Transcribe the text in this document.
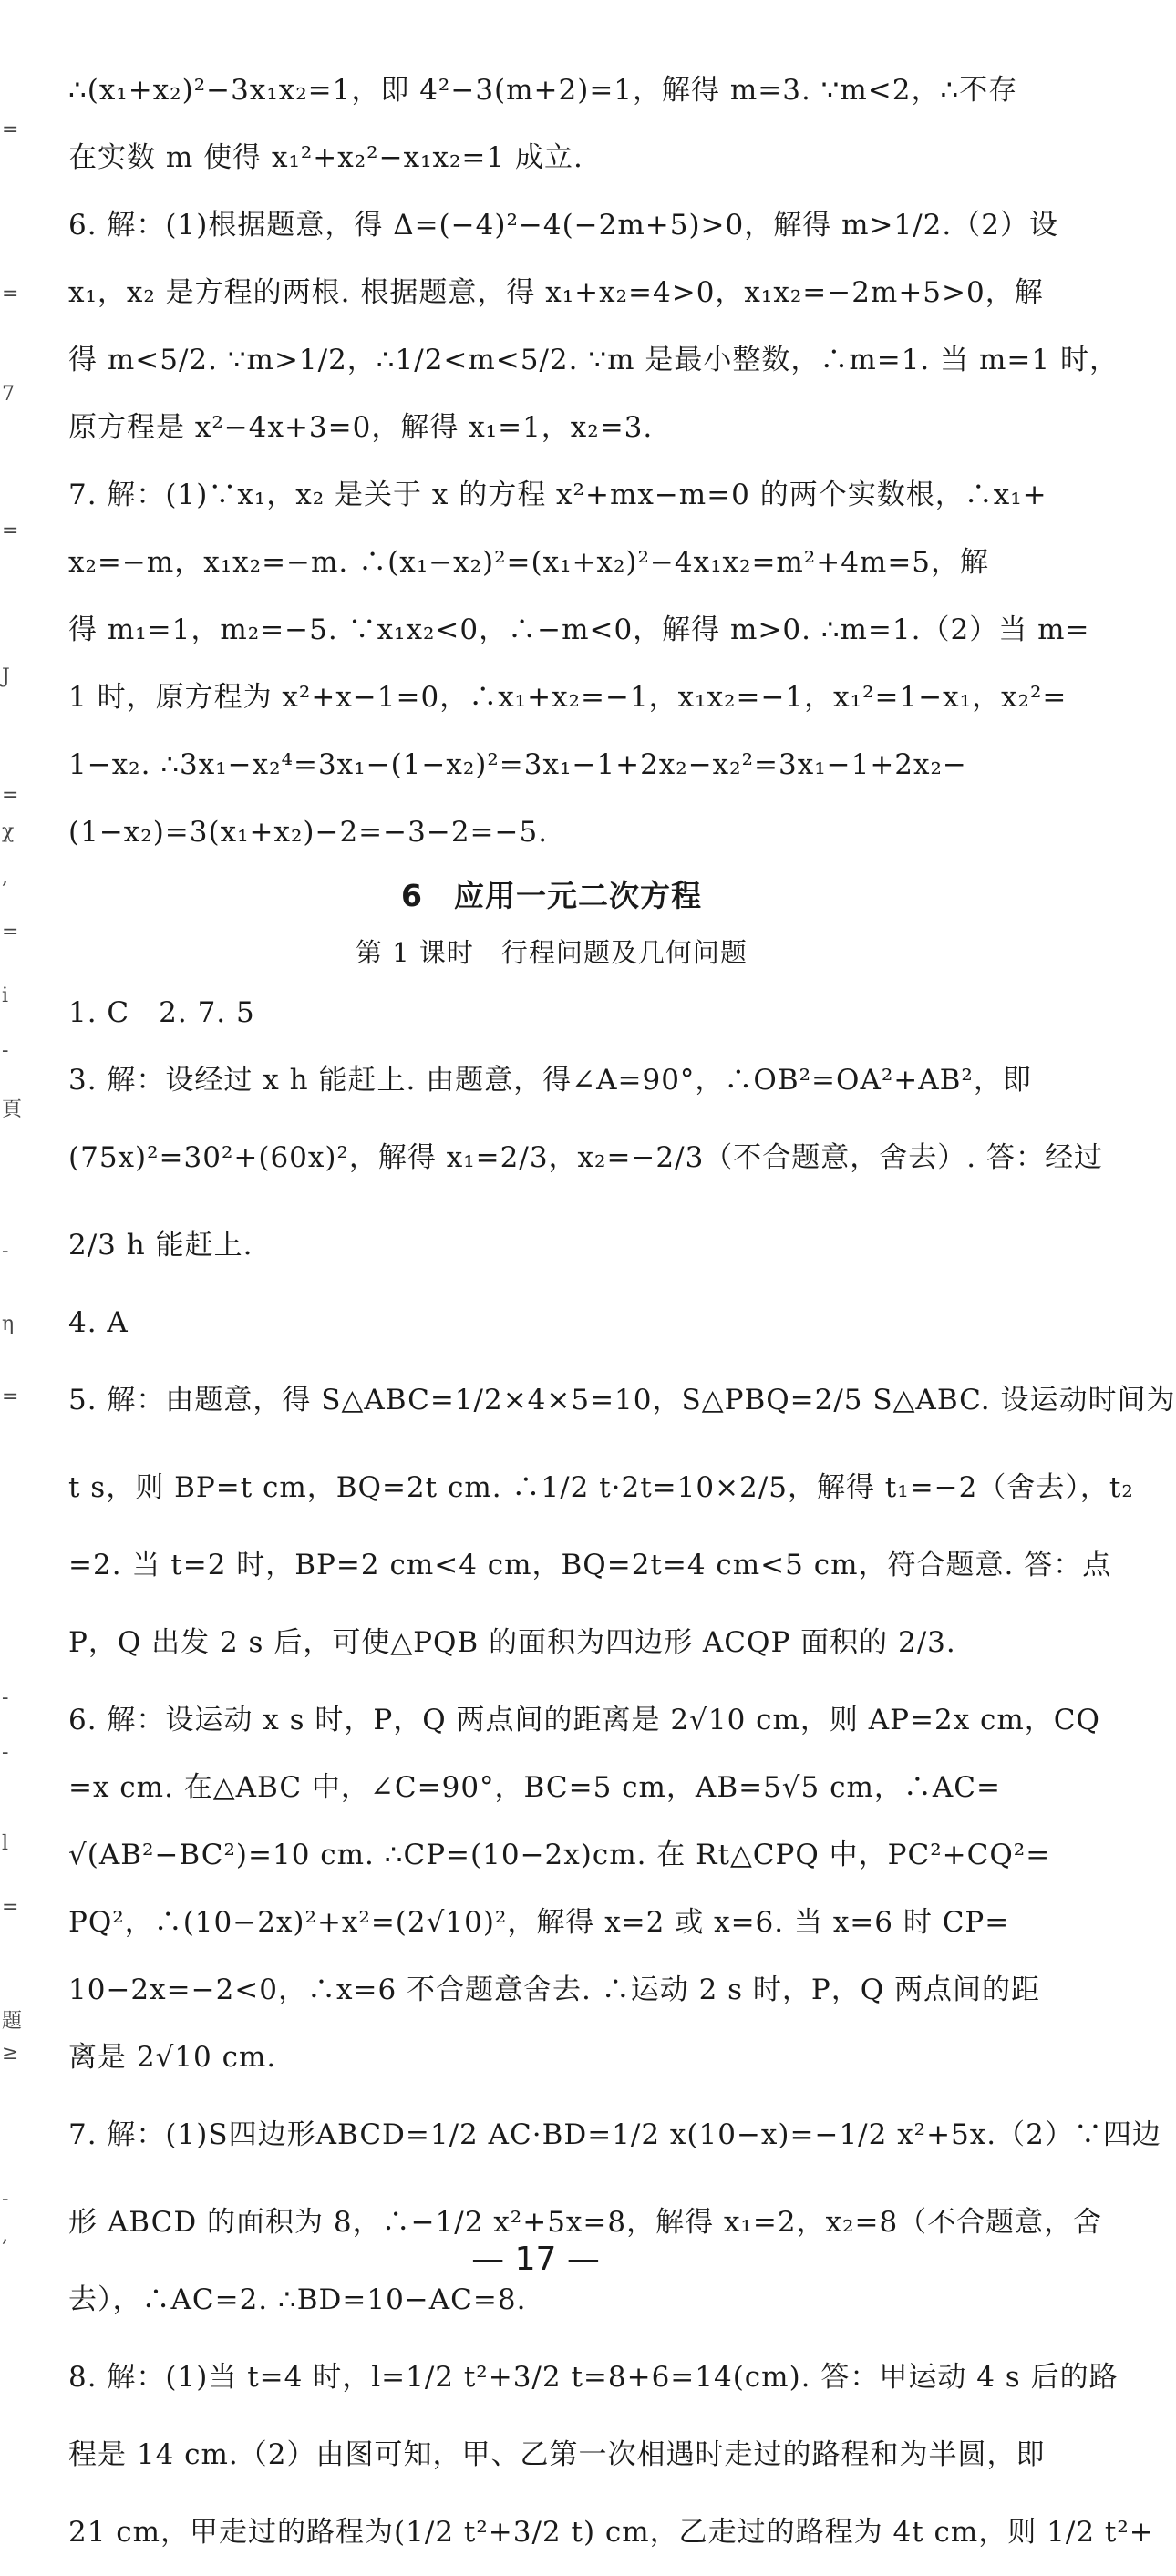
=
=
7
=
J
=
χ
,
=
i
-
頁
-
η
=
-
-
l
=
題
≥
-
,
∴(x₁+x₂)²−3x₁x₂=1，即 4²−3(m+2)=1，解得 m=3. ∵m<2，∴不存
在实数 m 使得 x₁²+x₂²−x₁x₂=1 成立.
6. 解：(1)根据题意，得 Δ=(−4)²−4(−2m+5)>0，解得 m>1/2.（2）设
x₁，x₂ 是方程的两根. 根据题意，得 x₁+x₂=4>0，x₁x₂=−2m+5>0，解
得 m<5/2. ∵m>1/2，∴1/2<m<5/2. ∵m 是最小整数，∴m=1. 当 m=1 时，
原方程是 x²−4x+3=0，解得 x₁=1，x₂=3.
7. 解：(1)∵x₁，x₂ 是关于 x 的方程 x²+mx−m=0 的两个实数根，∴x₁+
x₂=−m，x₁x₂=−m. ∴(x₁−x₂)²=(x₁+x₂)²−4x₁x₂=m²+4m=5，解
得 m₁=1，m₂=−5. ∵x₁x₂<0，∴−m<0，解得 m>0. ∴m=1.（2）当 m=
1 时，原方程为 x²+x−1=0，∴x₁+x₂=−1，x₁x₂=−1，x₁²=1−x₁，x₂²=
1−x₂. ∴3x₁−x₂⁴=3x₁−(1−x₂)²=3x₁−1+2x₂−x₂²=3x₁−1+2x₂−
(1−x₂)=3(x₁+x₂)−2=−3−2=−5.
6　应用一元二次方程
第 1 课时　行程问题及几何问题
1. C　2. 7. 5
3. 解：设经过 x h 能赶上. 由题意，得∠A=90°，∴OB²=OA²+AB²，即
(75x)²=30²+(60x)²，解得 x₁=2/3，x₂=−2/3（不合题意，舍去）. 答：经过
2/3 h 能赶上.
4. A
5. 解：由题意，得 S△ABC=1/2×4×5=10，S△PBQ=2/5 S△ABC. 设运动时间为
t s，则 BP=t cm，BQ=2t cm. ∴1/2 t·2t=10×2/5，解得 t₁=−2（舍去），t₂
=2. 当 t=2 时，BP=2 cm<4 cm，BQ=2t=4 cm<5 cm，符合题意. 答：点
P，Q 出发 2 s 后，可使△PQB 的面积为四边形 ACQP 面积的 2/3.
6. 解：设运动 x s 时，P，Q 两点间的距离是 2√10 cm，则 AP=2x cm，CQ
=x cm. 在△ABC 中，∠C=90°，BC=5 cm，AB=5√5 cm，∴AC=
√(AB²−BC²)=10 cm. ∴CP=(10−2x)cm. 在 Rt△CPQ 中，PC²+CQ²=
PQ²，∴(10−2x)²+x²=(2√10)²，解得 x=2 或 x=6. 当 x=6 时 CP=
10−2x=−2<0，∴x=6 不合题意舍去. ∴运动 2 s 时，P，Q 两点间的距
离是 2√10 cm.
7. 解：(1)S四边形ABCD=1/2 AC·BD=1/2 x(10−x)=−1/2 x²+5x.（2）∵四边
形 ABCD 的面积为 8，∴−1/2 x²+5x=8，解得 x₁=2，x₂=8（不合题意，舍
去），∴AC=2. ∴BD=10−AC=8.
8. 解：(1)当 t=4 时，l=1/2 t²+3/2 t=8+6=14(cm). 答：甲运动 4 s 后的路
程是 14 cm.（2）由图可知，甲、乙第一次相遇时走过的路程和为半圆，即
21 cm，甲走过的路程为(1/2 t²+3/2 t) cm，乙走过的路程为 4t cm，则 1/2 t²+
— 17 —
